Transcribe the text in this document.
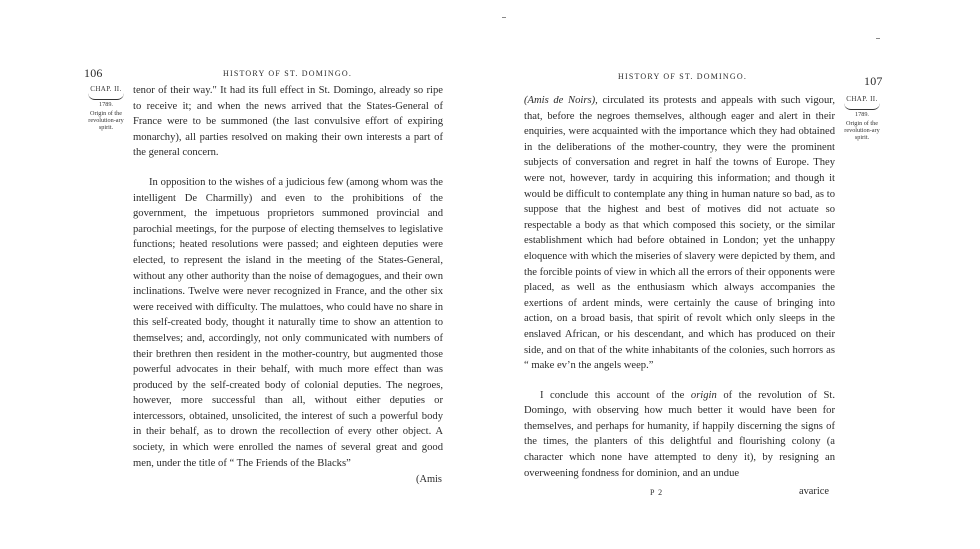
106	HISTORY OF ST. DOMINGO.
CHAP. II.
1789.
Origin of the revolution-ary spirit.

tenor of their way." It had its full effect in St. Domingo, already so ripe to receive it; and when the news arrived that the States-General of France were to be summoned (the last convulsive effort of expiring monarchy), all parties resolved on making their own interests a part of the general concern.

In opposition to the wishes of a judicious few (among whom was the intelligent De Charmilly) and even to the prohibitions of the government, the impetuous proprietors summoned provincial and parochial meetings, for the purpose of electing themselves to legislative functions; heated resolutions were passed; and eighteen deputies were elected, to represent the island in the meeting of the States-General, without any other authority than the noise of demagogues, and their own inclinations. Twelve were never recognized in France, and the other six were received with difficulty. The mulattoes, who could have no share in this self-created body, thought it naturally time to show an attention to themselves; and, accordingly, not only communicated with numbers of their brethren then resident in the mother-country, but augmented those powerful advocates in their behalf, with much more effect than was produced by the self-created body of colonial deputies. The negroes, however, more successful than all, without either deputies or intercessors, obtained, unsolicited, the interest of such a powerful body in their behalf, as to drown the recollection of every other object. A society, in which were enrolled the names of several great and good men, under the title of “ The Friends of the Blacks”

(Amis
HISTORY OF ST. DOMINGO.	107
CHAP. II.
1789.
Origin of the revolution-ary spirit.

(Amis de Noirs), circulated its protests and appeals with such vigour, that, before the negroes themselves, although eager and alert in their enquiries, were acquainted with the importance which they had obtained in the deliberations of the mother-country, they were the prominent subjects of conversation and regret in half the towns of Europe. They were not, however, tardy in acquiring this information; and though it would be difficult to contemplate any thing in human nature so bad, as to suppose that the highest and best of motives did not actuate so respectable a body as that which composed this society, or the similar establishment which had before obtained in London; yet the unhappy eloquence with which the miseries of slavery were depicted by them, and the forcible points of view in which all the errors of their opponents were placed, as well as the enthusiasm which always accompanies the exertions of ardent minds, were certainly the cause of bringing into action, on a broad basis, that spirit of revolt which only sleeps in the enslaved African, or his descendant, and which has produced on their side, and on that of the white inhabitants of the colonies, such horrors as “ make ev’n the angels weep.”

I conclude this account of the origin of the revolution of St. Domingo, with observing how much better it would have been for themselves, and perhaps for humanity, if happily discerning the signs of the times, the planters of this delightful and flourishing colony (a character which none have attempted to deny it), by resigning an overweening fondness for dominion, and an undue

P 2	avarice
